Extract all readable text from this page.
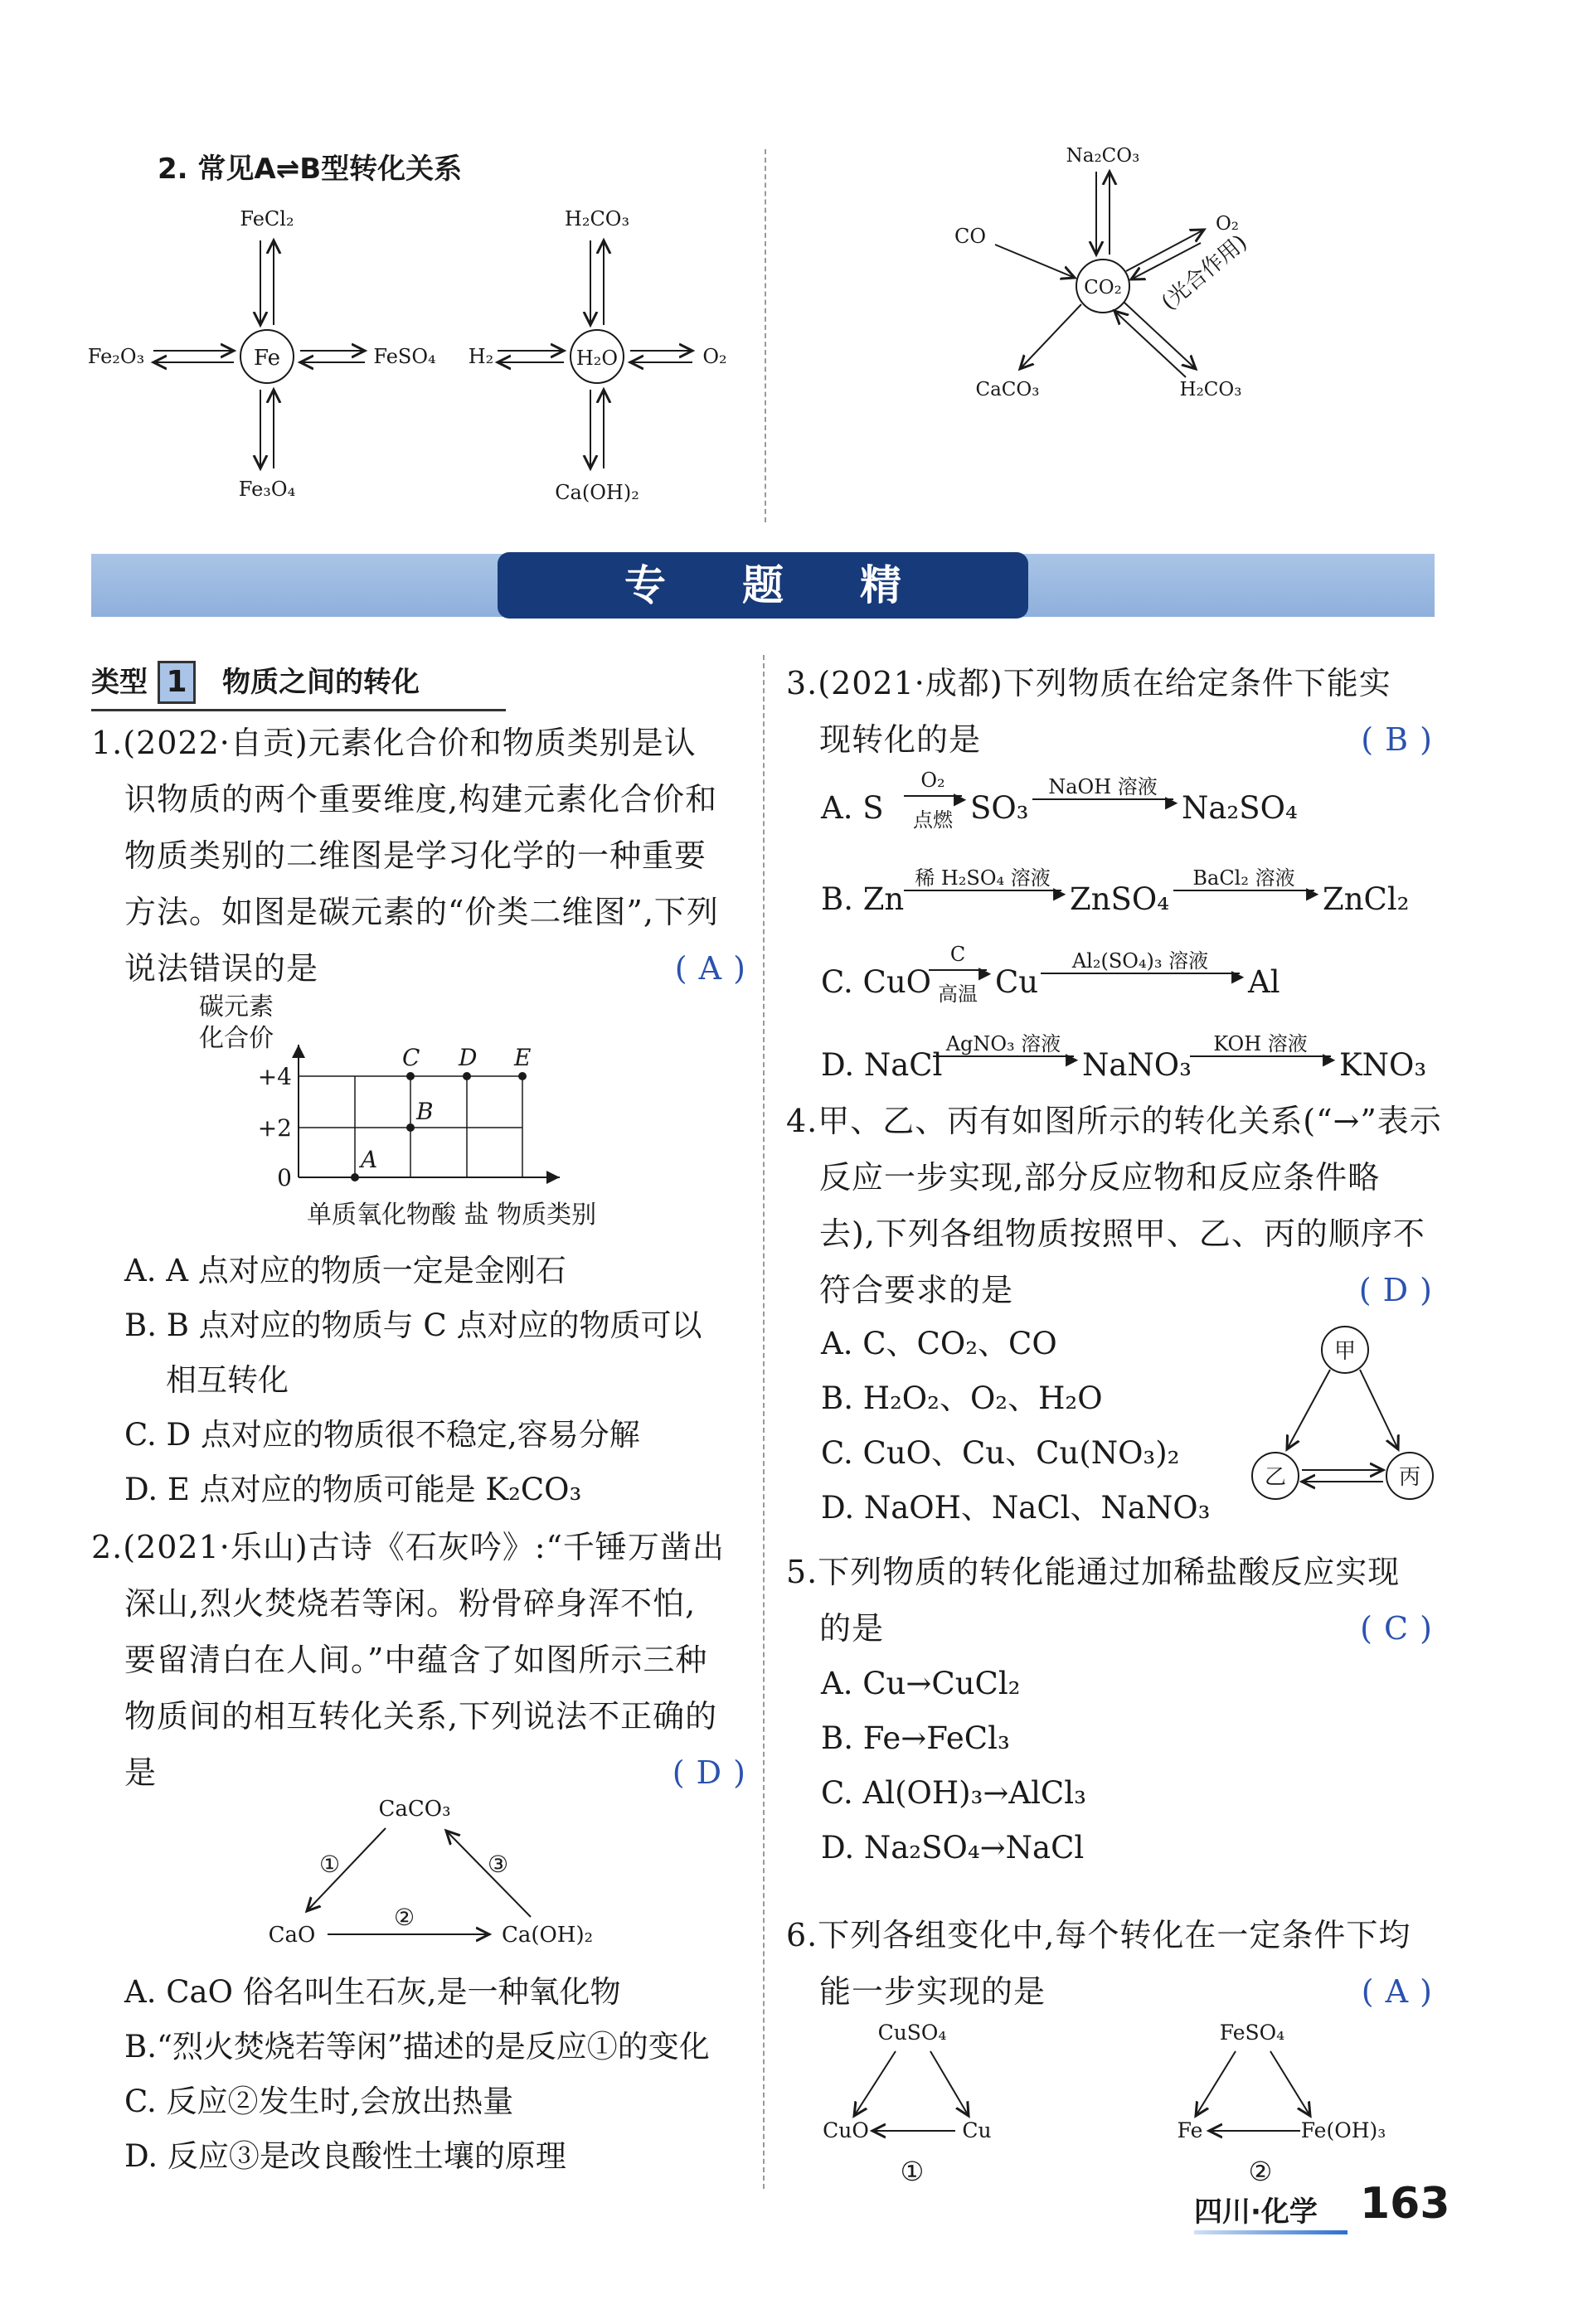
2. 常见A⇌B型转化关系
Fe
FeCl₂
Fe₃O₄
Fe₂O₃	FeSO₄	H₂O
H₂CO₃
Ca(OH)₂
H₂	O₂
CO₂
Na₂CO₃
CO
O₂
(光合作用)
CaCO₃	H₂CO₃
专题精练
类型 1 物质之间的转化
1.(2022·自贡)元素化合价和物质类别是认
识物质的两个重要维度,构建元素化合价和
物质类别的二维图是学习化学的一种重要
方法。如图是碳元素的“价类二维图”,下列
说法错误的是	( A )
碳元素
化合价
+4
+2
0
A
B
C D E
单质氧化物酸 盐 物质类别
A. A 点对应的物质一定是金刚石
B. B 点对应的物质与 C 点对应的物质可以
相互转化
C. D 点对应的物质很不稳定,容易分解
D. E 点对应的物质可能是 K₂CO₃
2.(2021·乐山)古诗《石灰吟》:“千锤万凿出
深山,烈火焚烧若等闲。粉骨碎身浑不怕,
要留清白在人间。”中蕴含了如图所示三种
物质间的相互转化关系,下列说法不正确的
是	( D )
CaCO₃
CaO	Ca(OH)₂
①	③
②
A. CaO 俗名叫生石灰,是一种氧化物
B.“烈火焚烧若等闲”描述的是反应①的变化
C. 反应②发生时,会放出热量
D. 反应③是改良酸性土壤的原理
3.(2021·成都)下列物质在给定条件下能实
现转化的是	( B )
A. S
O₂
▶
点燃 SO₃
NaOH 溶液
▶ Na₂SO₄
B. Zn
稀 H₂SO₄ 溶液
▶ ZnSO₄
BaCl₂ 溶液
▶ ZnCl₂
C. CuO
C
▶
高温 Cu
Al₂(SO₄)₃ 溶液
▶ Al
D. NaCl
AgNO₃ 溶液
▶ NaNO₃
KOH 溶液
▶ KNO₃
4.甲、乙、丙有如图所示的转化关系(“→”表示
反应一步实现,部分反应物和反应条件略
去),下列各组物质按照甲、乙、丙的顺序不
符合要求的是	( D )
A. C、CO₂、CO
B. H₂O₂、O₂、H₂O
C. CuO、Cu、Cu(NO₃)₂
D. NaOH、NaCl、NaNO₃
甲
乙	丙
5.下列物质的转化能通过加稀盐酸反应实现
的是	( C )
A. Cu→CuCl₂
B. Fe→FeCl₃
C. Al(OH)₃→AlCl₃
D. Na₂SO₄→NaCl
6.下列各组变化中,每个转化在一定条件下均
能一步实现的是	( A )
CuSO₄
CuO	Cu
①
FeSO₄
Fe	Fe(OH)₃
②
四川·化学 163
